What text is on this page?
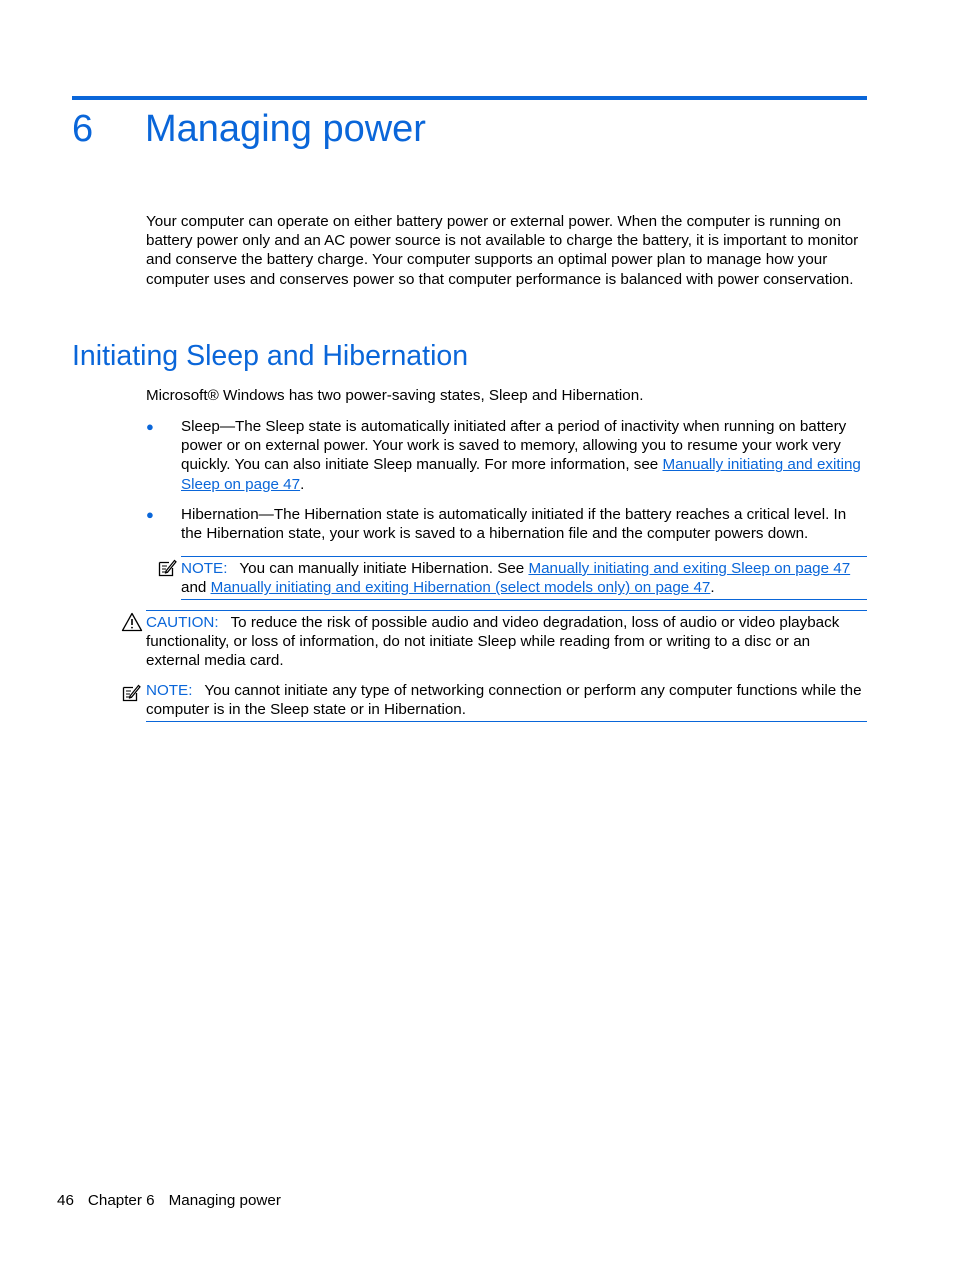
6 Managing power
Your computer can operate on either battery power or external power. When the computer is running on battery power only and an AC power source is not available to charge the battery, it is important to monitor and conserve the battery charge. Your computer supports an optimal power plan to manage how your computer uses and conserves power so that computer performance is balanced with power conservation.
Initiating Sleep and Hibernation
Microsoft® Windows has two power-saving states, Sleep and Hibernation.
● Sleep—The Sleep state is automatically initiated after a period of inactivity when running on battery power or on external power. Your work is saved to memory, allowing you to resume your work very quickly. You can also initiate Sleep manually. For more information, see Manually initiating and exiting Sleep on page 47.
● Hibernation—The Hibernation state is automatically initiated if the battery reaches a critical level. In the Hibernation state, your work is saved to a hibernation file and the computer powers down.
NOTE: You can manually initiate Hibernation. See Manually initiating and exiting Sleep on page 47 and Manually initiating and exiting Hibernation (select models only) on page 47.
CAUTION: To reduce the risk of possible audio and video degradation, loss of audio or video playback functionality, or loss of information, do not initiate Sleep while reading from or writing to a disc or an external media card.
NOTE: You cannot initiate any type of networking connection or perform any computer functions while the computer is in the Sleep state or in Hibernation.
46 Chapter 6 Managing power
